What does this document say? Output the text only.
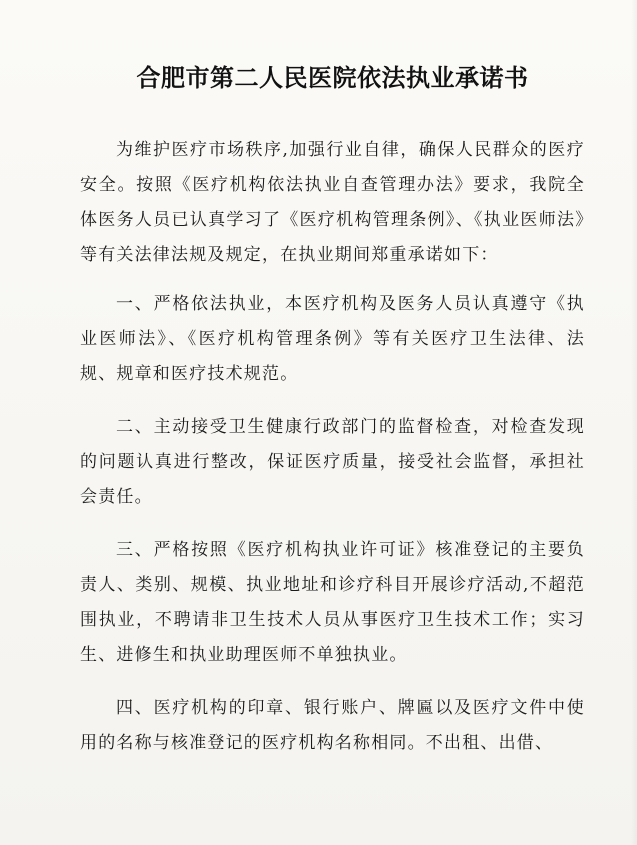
合肥市第二人民医院依法执业承诺书

为维护医疗市场秩序,加强行业自律，确保人民群众的医疗安全。按照《医疗机构依法执业自查管理办法》要求，我院全体医务人员已认真学习了《医疗机构管理条例》、《执业医师法》等有关法律法规及规定，在执业期间郑重承诺如下：

一、严格依法执业，本医疗机构及医务人员认真遵守《执业医师法》、《医疗机构管理条例》等有关医疗卫生法律、法规、规章和医疗技术规范。

二、主动接受卫生健康行政部门的监督检查，对检查发现的问题认真进行整改，保证医疗质量，接受社会监督，承担社会责任。

三、严格按照《医疗机构执业许可证》核准登记的主要负责人、类别、规模、执业地址和诊疗科目开展诊疗活动,不超范围执业，不聘请非卫生技术人员从事医疗卫生技术工作；实习生、进修生和执业助理医师不单独执业。

四、医疗机构的印章、银行账户、牌匾以及医疗文件中使用的名称与核准登记的医疗机构名称相同。不出租、出借、
